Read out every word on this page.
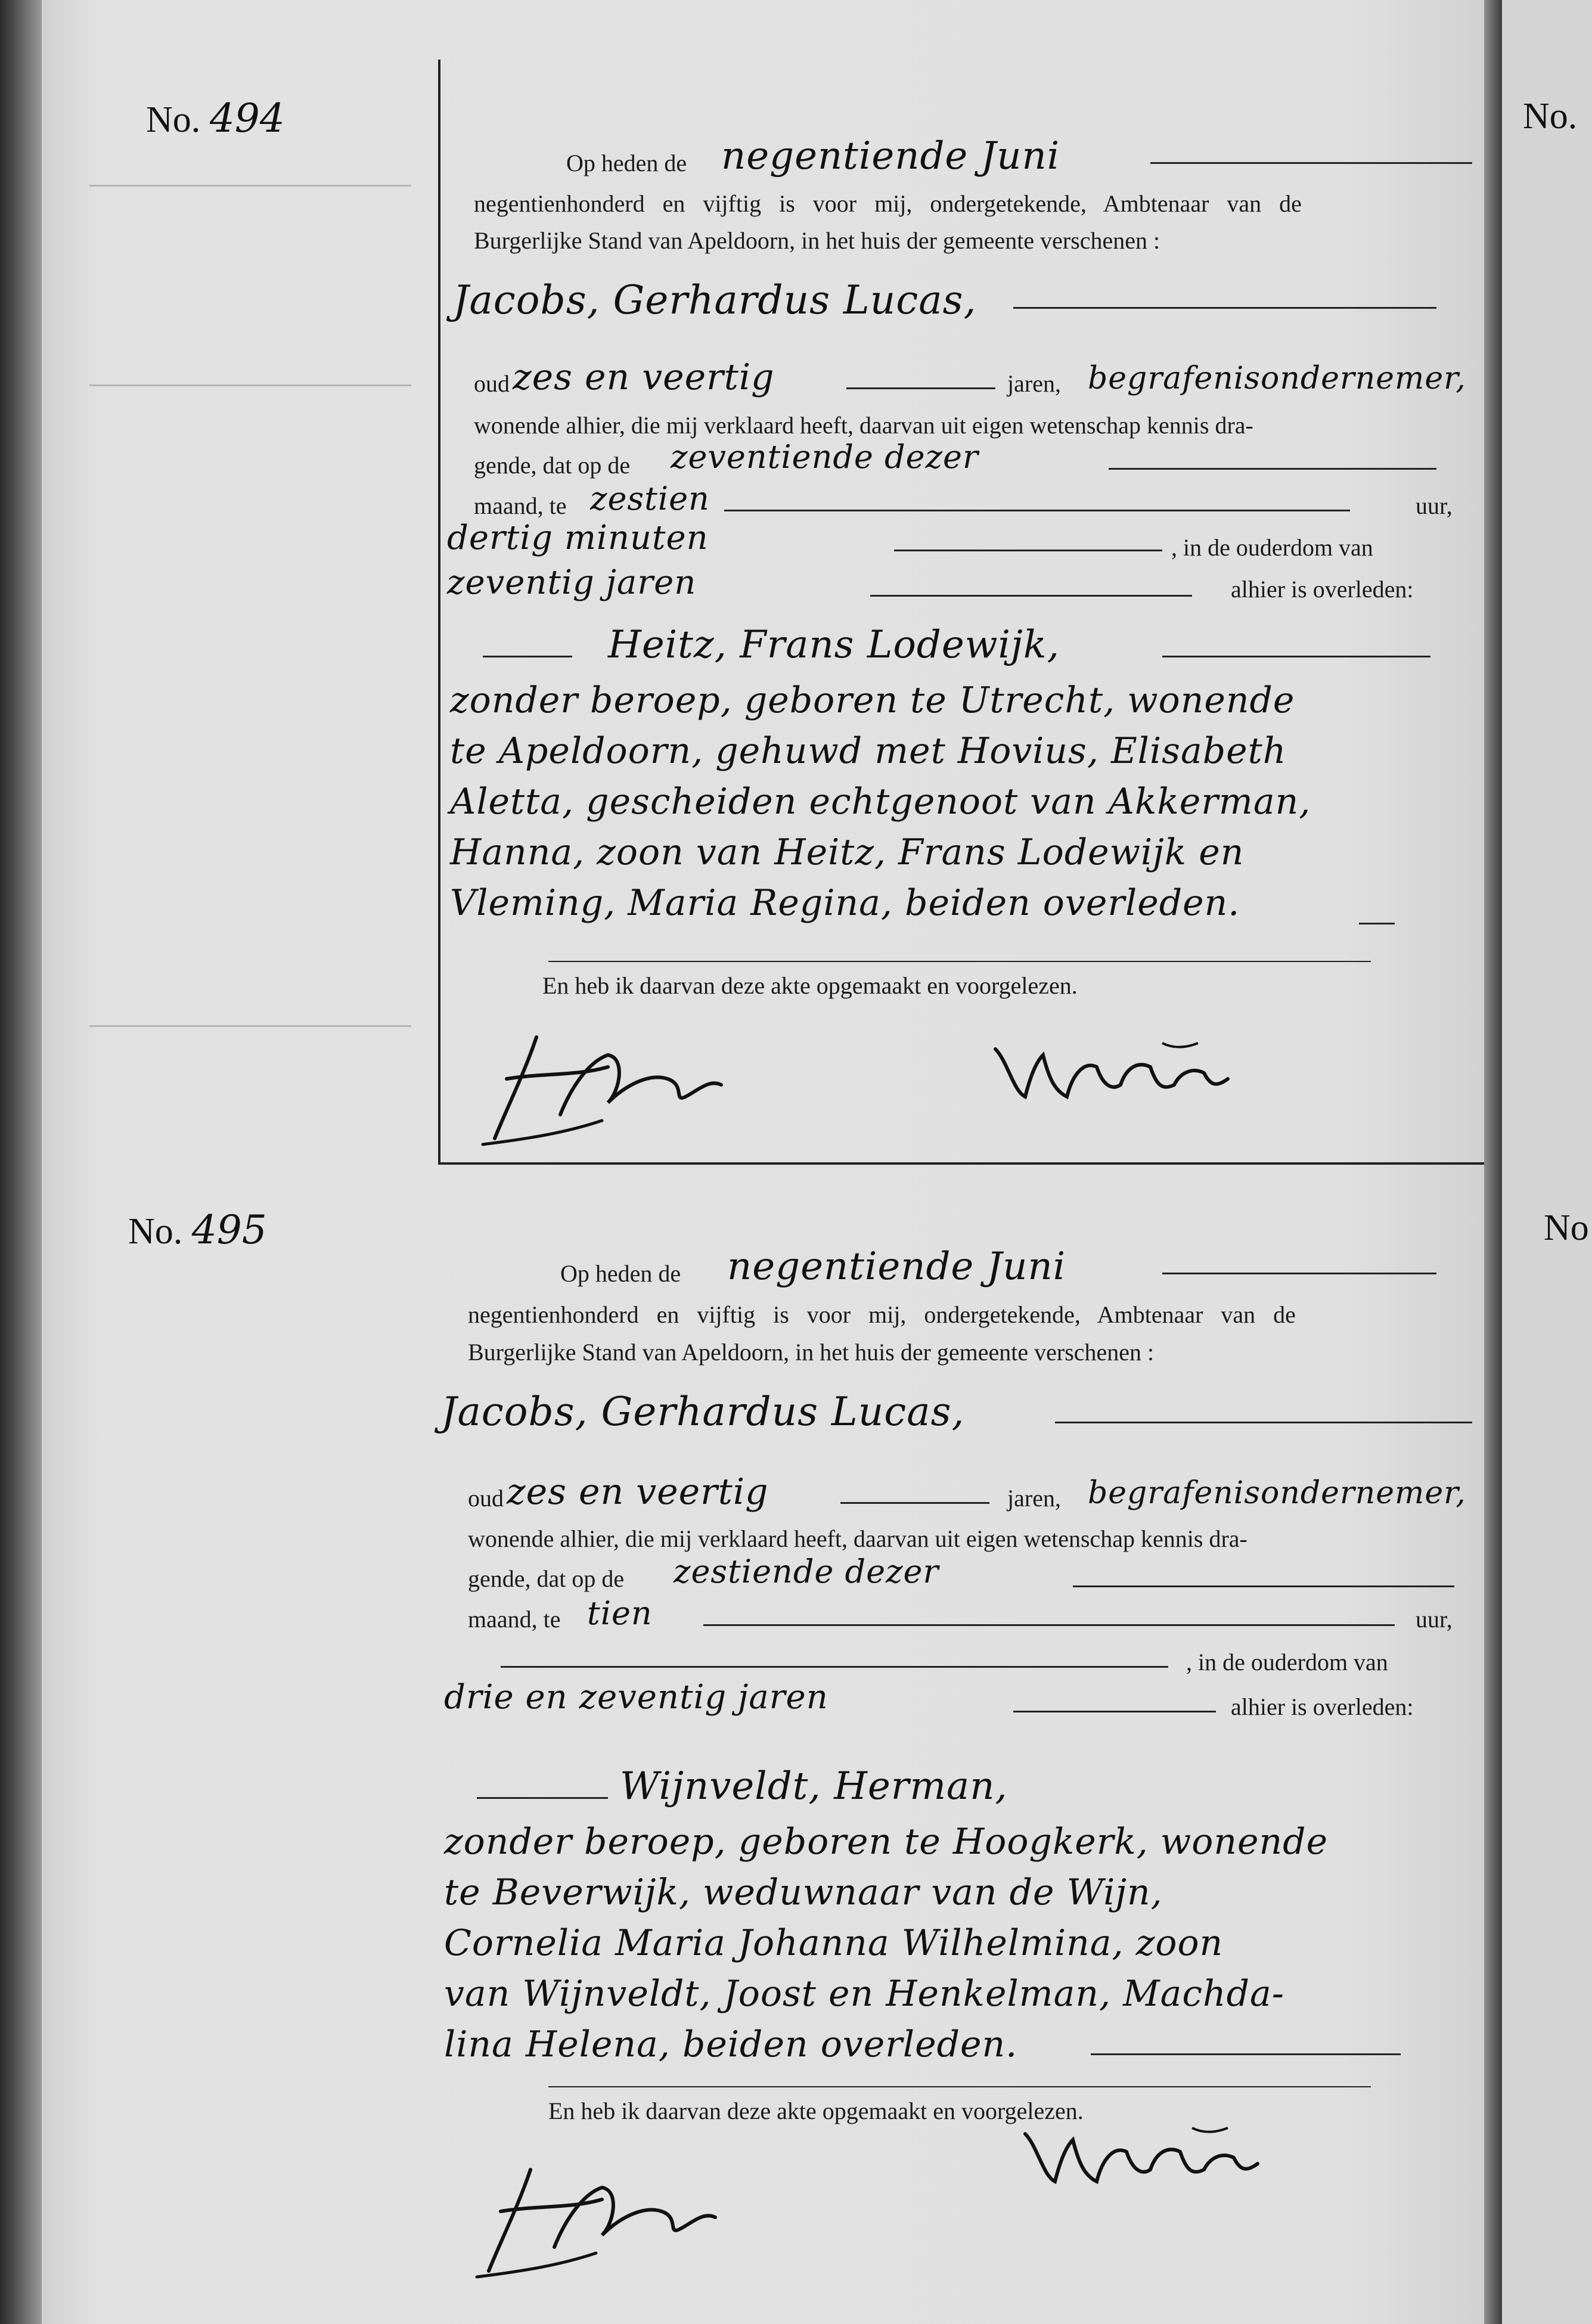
No. 494
Op heden de negentiende Juni
negentienhonderd en vijftig is voor mij, ondergetekende, Ambtenaar van de
Burgerlijke Stand van Apeldoorn, in het huis der gemeente verschenen :
Jacobs, Gerhardus Lucas,
oud zes en veertig	jaren, begrafenisondernemer,
wonende alhier, die mij verklaard heeft, daarvan uit eigen wetenschap kennis dra-
gende, dat op de zeventiende dezer
maand, te zestien	uur,
dertig minuten	, in de ouderdom van
zeventig jaren	alhier is overleden:
Heitz, Frans Lodewijk,
zonder beroep, geboren te Utrecht, wonende
te Apeldoorn, gehuwd met Hovius, Elisabeth
Aletta, gescheiden echtgenoot van Akkerman,
Hanna, zoon van Heitz, Frans Lodewijk en
Vleming, Maria Regina, beiden overleden.
En heb ik daarvan deze akte opgemaakt en voorgelezen.
No. 495
Op heden de negentiende Juni
negentienhonderd en vijftig is voor mij, ondergetekende, Ambtenaar van de
Burgerlijke Stand van Apeldoorn, in het huis der gemeente verschenen :
Jacobs, Gerhardus Lucas,
oud zes en veertig	jaren, begrafenisondernemer,
wonende alhier, die mij verklaard heeft, daarvan uit eigen wetenschap kennis dra-
gende, dat op de zestiende dezer
maand, te tien	uur,
, in de ouderdom van
drie en zeventig jaren	alhier is overleden:
Wijnveldt, Herman,
zonder beroep, geboren te Hoogkerk, wonende
te Beverwijk, weduwnaar van de Wijn,
Cornelia Maria Johanna Wilhelmina, zoon
van Wijnveldt, Joost en Henkelman, Machda-
lina Helena, beiden overleden.
En heb ik daarvan deze akte opgemaakt en voorgelezen.
No.
No
